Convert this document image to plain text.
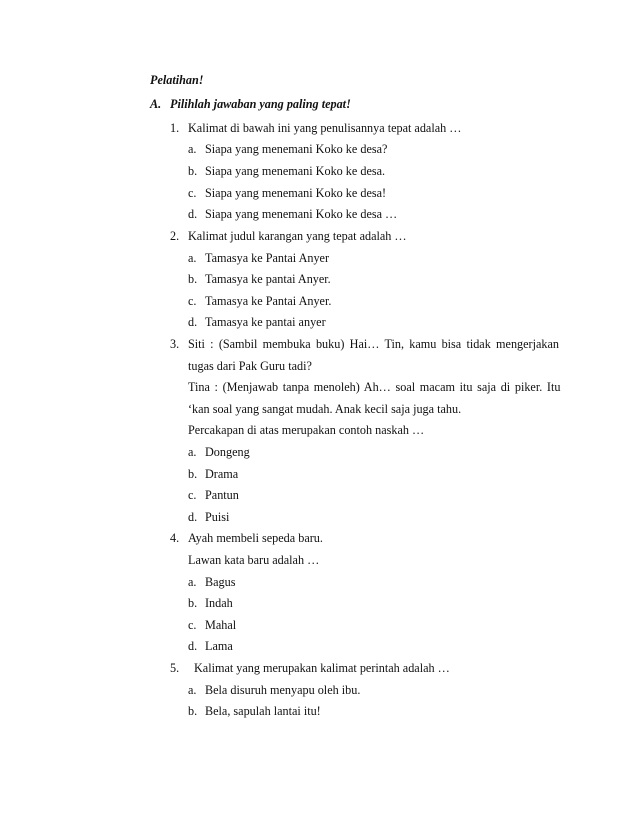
Pelatihan!
A. Pilihlah jawaban yang paling tepat!
1. Kalimat di bawah ini yang penulisannya tepat adalah …
a. Siapa yang menemani Koko ke desa?
b. Siapa yang menemani Koko ke desa.
c. Siapa yang menemani Koko ke desa!
d. Siapa yang menemani Koko ke desa …
2. Kalimat judul karangan yang tepat adalah …
a. Tamasya ke Pantai Anyer
b. Tamasya ke pantai Anyer.
c. Tamasya ke Pantai Anyer.
d. Tamasya ke pantai anyer
3. Siti : (Sambil membuka buku) Hai… Tin, kamu bisa tidak mengerjakan
tugas dari Pak Guru tadi?
Tina : (Menjawab tanpa menoleh) Ah… soal macam itu saja di piker. Itu
‘kan soal yang sangat mudah. Anak kecil saja juga tahu.
Percakapan di atas merupakan contoh naskah …
a. Dongeng
b. Drama
c. Pantun
d. Puisi
4. Ayah membeli sepeda baru.
Lawan kata baru adalah …
a. Bagus
b. Indah
c. Mahal
d. Lama
5. Kalimat yang merupakan kalimat perintah adalah …
a. Bela disuruh menyapu oleh ibu.
b. Bela, sapulah lantai itu!
